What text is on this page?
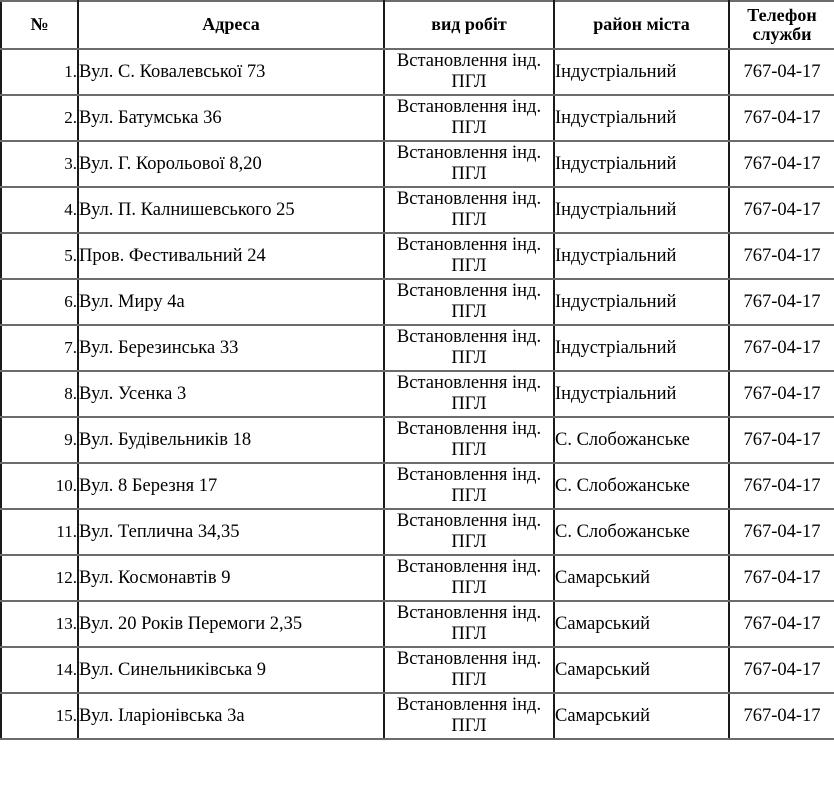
№	Адреса	вид робіт	район міста	Телефон
служби

1.	Вул. С. Ковалевської 73	Встановлення інд.
ПГЛ	Індустріальний	767-04-17
2.	Вул. Батумська 36	Встановлення інд.
ПГЛ	Індустріальний	767-04-17
3.	Вул. Г. Корольової 8,20	Встановлення інд.
ПГЛ	Індустріальний	767-04-17
4.	Вул. П. Калнишевського 25	Встановлення інд.
ПГЛ	Індустріальний	767-04-17
5.	Пров. Фестивальний 24	Встановлення інд.
ПГЛ	Індустріальний	767-04-17
6.	Вул. Миру 4а	Встановлення інд.
ПГЛ	Індустріальний	767-04-17
7.	Вул. Березинська 33	Встановлення інд.
ПГЛ	Індустріальний	767-04-17
8.	Вул. Усенка 3	Встановлення інд.
ПГЛ	Індустріальний	767-04-17
9.	Вул. Будівельників 18	Встановлення інд.
ПГЛ	С. Слобожанське	767-04-17
10.	Вул. 8 Березня 17	Встановлення інд.
ПГЛ	С. Слобожанське	767-04-17
11.	Вул. Теплична 34,35	Встановлення інд.
ПГЛ	С. Слобожанське	767-04-17
12.	Вул. Космонавтів 9	Встановлення інд.
ПГЛ	Самарський	767-04-17
13.	Вул. 20 Років Перемоги 2,35	Встановлення інд.
ПГЛ	Самарський	767-04-17
14.	Вул. Синельниківська 9	Встановлення інд.
ПГЛ	Самарський	767-04-17
15.	Вул. Іларіонівська 3а	Встановлення інд.
ПГЛ	Самарський	767-04-17
